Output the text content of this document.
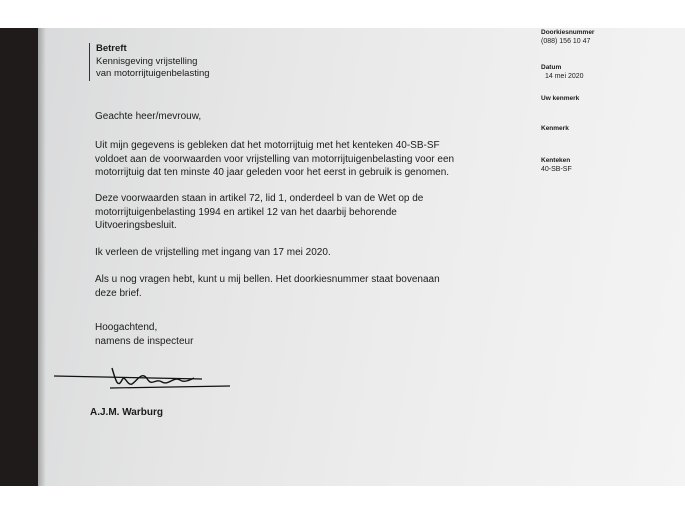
Betreft
Kennisgeving vrijstelling
van motorrijtuigenbelasting
Geachte heer/mevrouw,
Uit mijn gegevens is gebleken dat het motorrijtuig met het kenteken 40-SB-SF
voldoet aan de voorwaarden voor vrijstelling van motorrijtuigenbelasting voor een
motorrijtuig dat ten minste 40 jaar geleden voor het eerst in gebruik is genomen.
Deze voorwaarden staan in artikel 72, lid 1, onderdeel b van de Wet op de
motorrijtuigenbelasting 1994 en artikel 12 van het daarbij behorende
Uitvoeringsbesluit.
Ik verleen de vrijstelling met ingang van 17 mei 2020.
Als u nog vragen hebt, kunt u mij bellen. Het doorkiesnummer staat bovenaan
deze brief.
Hoogachtend,
namens de inspecteur
A.J.M. Warburg
Doorkiesnummer
(088) 156 10 47
Datum
14 mei 2020
Uw kenmerk
Kenmerk
Kenteken
40-SB-SF
